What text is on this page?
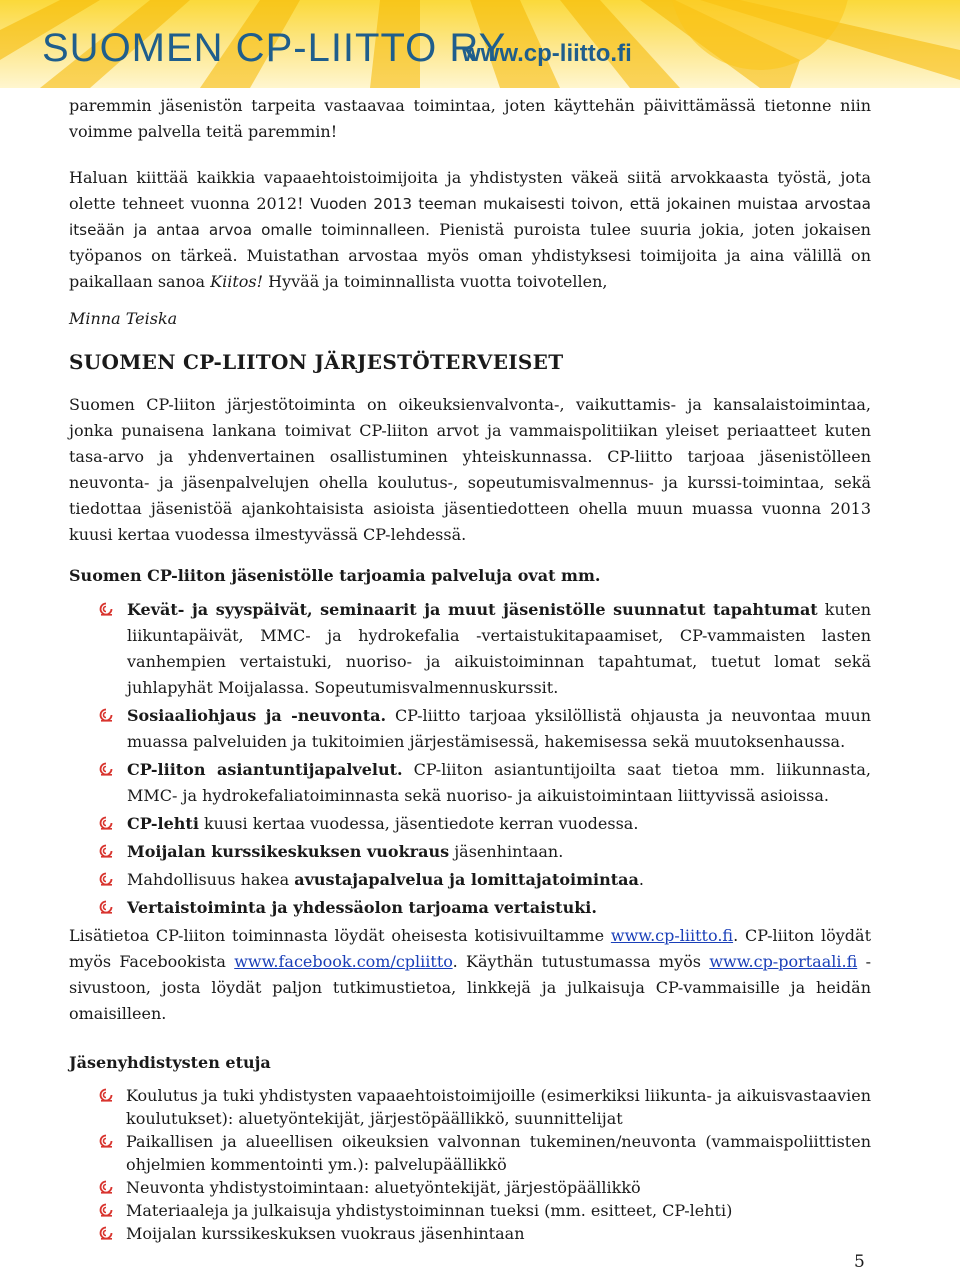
SUOMEN CP-LIITTO RY
www.cp-liitto.fi

paremmin jäsenistön tarpeita vastaavaa toimintaa, joten käyttehän päivittämässä tietonne niin voimme palvella teitä paremmin!

Haluan kiittää kaikkia vapaaehtoistoimijoita ja yhdistysten väkeä siitä arvokkaasta työstä, jota olette tehneet vuonna 2012! Vuoden 2013 teeman mukaisesti toivon, että jokainen muistaa arvostaa itseään ja antaa arvoa omalle toiminnalleen. Pienistä puroista tulee suuria jokia, joten jokaisen työpanos on tärkeä. Muistathan arvostaa myös oman yhdistyksesi toimijoita ja aina välillä on paikallaan sanoa Kiitos! Hyvää ja toiminnallista vuotta toivotellen,

Minna Teiska

SUOMEN CP-LIITON JÄRJESTÖTERVEISET

Suomen CP-liiton järjestötoiminta on oikeuksienvalvonta-, vaikuttamis- ja kansalaistoimintaa, jonka punaisena lankana toimivat CP-liiton arvot ja vammaispolitiikan yleiset periaatteet kuten tasa-arvo ja yhdenvertainen osallistuminen yhteiskunnassa. CP-liitto tarjoaa jäsenistölleen neuvonta- ja jäsenpalvelujen ohella koulutus-, sopeutumisvalmennus- ja kurssi-toimintaa, sekä tiedottaa jäsenistöä ajankohtaisista asioista jäsentiedotteen ohella muun muassa vuonna 2013 kuusi kertaa vuodessa ilmestyvässä CP-lehdessä.

Suomen CP-liiton jäsenistölle tarjoamia palveluja ovat mm.
Kevät- ja syyspäivät, seminaarit ja muut jäsenistölle suunnatut tapahtumat kuten liikuntapäivät, MMC- ja hydrokefalia -vertaistukitapaamiset, CP-vammaisten lasten vanhempien vertaistuki, nuoriso- ja aikuistoiminnan tapahtumat, tuetut lomat sekä juhlapyhät Moijalassa. Sopeutumisvalmennuskurssit.
Sosiaaliohjaus ja -neuvonta. CP-liitto tarjoaa yksilöllistä ohjausta ja neuvontaa muun muassa palveluiden ja tukitoimien järjestämisessä, hakemisessa sekä muutoksenhaussa.
CP-liiton asiantuntijapalvelut. CP-liiton asiantuntijoilta saat tietoa mm. liikunnasta, MMC- ja hydrokefaliatoiminnasta sekä nuoriso- ja aikuistoimintaan liittyvissä asioissa.
CP-lehti kuusi kertaa vuodessa, jäsentiedote kerran vuodessa.
Moijalan kurssikeskuksen vuokraus jäsenhintaan.
Mahdollisuus hakea avustajapalvelua ja lomittajatoimintaa.
Vertaistoiminta ja yhdessäolon tarjoama vertaistuki.

Lisätietoa CP-liiton toiminnasta löydät oheisesta kotisivuiltamme www.cp-liitto.fi. CP-liiton löydät myös Facebookista www.facebook.com/cpliitto. Käythän tutustumassa myös www.cp-portaali.fi -sivustoon, josta löydät paljon tutkimustietoa, linkkejä ja julkaisuja CP-vammaisille ja heidän omaisilleen.

Jäsenyhdistysten etuja
Koulutus ja tuki yhdistysten vapaaehtoistoimijoille (esimerkiksi liikunta- ja aikuisvastaavien koulutukset): aluetyöntekijät, järjestöpäällikkö, suunnittelijat
Paikallisen ja alueellisen oikeuksien valvonnan tukeminen/neuvonta (vammaispoliittisten ohjelmien kommentointi ym.): palvelupäällikkö
Neuvonta yhdistystoimintaan: aluetyöntekijät, järjestöpäällikkö
Materiaaleja ja julkaisuja yhdistystoiminnan tueksi (mm. esitteet, CP-lehti)
Moijalan kurssikeskuksen vuokraus jäsenhintaan
5
